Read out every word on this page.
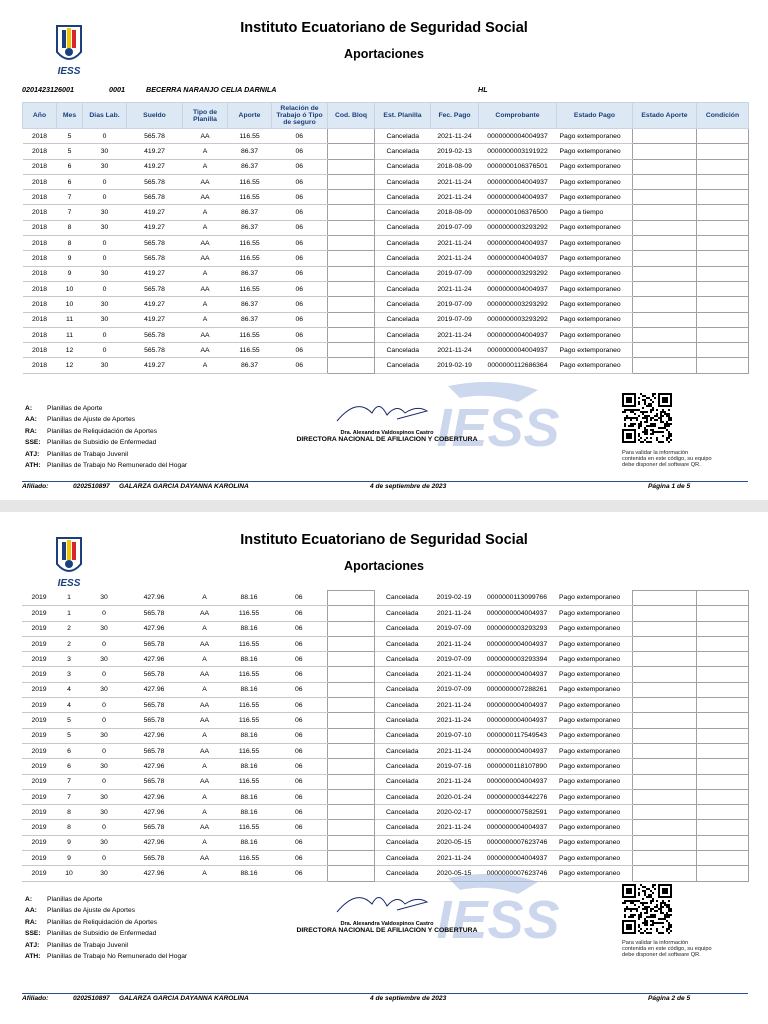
IESS
Instituto Ecuatoriano de Seguridad Social
Aportaciones
0201423126001	0001	BECERRA NARANJO CELIA DARNILA	HL
Año	Mes	Dias Lab.	Sueldo	Tipo de Planilla	Aporte	Relación de Trabajo ó Tipo de seguro	Cod. Bloq	Est. Planilla	Fec. Pago	Comprobante	Estado Pago	Estado Aporte	Condición
2018	5	0	565.78	AA	116.55	06		Cancelada	2021-11-24	0000000004004937	Pago extemporaneo		
2018	5	30	419.27	A	86.37	06		Cancelada	2019-02-13	0000000003191922	Pago extemporaneo		
2018	6	30	419.27	A	86.37	06		Cancelada	2018-08-09	0000000106376501	Pago extemporaneo		
2018	6	0	565.78	AA	116.55	06		Cancelada	2021-11-24	0000000004004937	Pago extemporaneo		
2018	7	0	565.78	AA	116.55	06		Cancelada	2021-11-24	0000000004004937	Pago extemporaneo		
2018	7	30	419.27	A	86.37	06		Cancelada	2018-08-09	0000000106376500	Pago a tiempo		
2018	8	30	419.27	A	86.37	06		Cancelada	2019-07-09	0000000003293292	Pago extemporaneo		
2018	8	0	565.78	AA	116.55	06		Cancelada	2021-11-24	0000000004004937	Pago extemporaneo		
2018	9	0	565.78	AA	116.55	06		Cancelada	2021-11-24	0000000004004937	Pago extemporaneo		
2018	9	30	419.27	A	86.37	06		Cancelada	2019-07-09	0000000003293292	Pago extemporaneo		
2018	10	0	565.78	AA	116.55	06		Cancelada	2021-11-24	0000000004004937	Pago extemporaneo		
2018	10	30	419.27	A	86.37	06		Cancelada	2019-07-09	0000000003293292	Pago extemporaneo		
2018	11	30	419.27	A	86.37	06		Cancelada	2019-07-09	0000000003293292	Pago extemporaneo		
2018	11	0	565.78	AA	116.55	06		Cancelada	2021-11-24	0000000004004937	Pago extemporaneo		
2018	12	0	565.78	AA	116.55	06		Cancelada	2021-11-24	0000000004004937	Pago extemporaneo		
2018	12	30	419.27	A	86.37	06		Cancelada	2019-02-19	0000000112686364	Pago extemporaneo		
IESS
A: Planillas de Aporte
AA: Planillas de Ajuste de Aportes
RA: Planillas de Reliquidación de Aportes
SSE: Planillas de Subsidio de Enfermedad
ATJ: Planillas de Trabajo Juvenil
ATH: Planillas de Trabajo No Remunerado del Hogar
Dra. Alexandra Valdospinos Castro
DIRECTORA NACIONAL DE AFILIACION Y COBERTURA
Para validar la información contenida en este código, su equipo debe disponer del software QR.
Afiliado:	0202510897 GALARZA GARCIA DAYANNA KAROLINA	4 de septiembre de 2023	Página 1 de 5
IESS
Instituto Ecuatoriano de Seguridad Social
Aportaciones
2019	1	30	427.96	A	88.16	06		Cancelada	2019-02-19	0000000113099766	Pago extemporaneo		
2019	1	0	565.78	AA	116.55	06		Cancelada	2021-11-24	0000000004004937	Pago extemporaneo		
2019	2	30	427.96	A	88.16	06		Cancelada	2019-07-09	0000000003293293	Pago extemporaneo		
2019	2	0	565.78	AA	116.55	06		Cancelada	2021-11-24	0000000004004937	Pago extemporaneo		
2019	3	30	427.96	A	88.16	06		Cancelada	2019-07-09	0000000003293394	Pago extemporaneo		
2019	3	0	565.78	AA	116.55	06		Cancelada	2021-11-24	0000000004004937	Pago extemporaneo		
2019	4	30	427.96	A	88.16	06		Cancelada	2019-07-09	0000000007288261	Pago extemporaneo		
2019	4	0	565.78	AA	116.55	06		Cancelada	2021-11-24	0000000004004937	Pago extemporaneo		
2019	5	0	565.78	AA	116.55	06		Cancelada	2021-11-24	0000000004004937	Pago extemporaneo		
2019	5	30	427.96	A	88.16	06		Cancelada	2019-07-10	0000000117549543	Pago extemporaneo		
2019	6	0	565.78	AA	116.55	06		Cancelada	2021-11-24	0000000004004937	Pago extemporaneo		
2019	6	30	427.96	A	88.16	06		Cancelada	2019-07-16	0000000118107890	Pago extemporaneo		
2019	7	0	565.78	AA	116.55	06		Cancelada	2021-11-24	0000000004004937	Pago extemporaneo		
2019	7	30	427.96	A	88.16	06		Cancelada	2020-01-24	0000000003442276	Pago extemporaneo		
2019	8	30	427.96	A	88.16	06		Cancelada	2020-02-17	0000000007582591	Pago extemporaneo		
2019	8	0	565.78	AA	116.55	06		Cancelada	2021-11-24	0000000004004937	Pago extemporaneo		
2019	9	30	427.96	A	88.16	06		Cancelada	2020-05-15	0000000007623746	Pago extemporaneo		
2019	9	0	565.78	AA	116.55	06		Cancelada	2021-11-24	0000000004004937	Pago extemporaneo		
2019	10	30	427.96	A	88.16	06		Cancelada	2020-05-15	0000000007623746	Pago extemporaneo		
IESS
A: Planillas de Aporte
AA: Planillas de Ajuste de Aportes
RA: Planillas de Reliquidación de Aportes
SSE: Planillas de Subsidio de Enfermedad
ATJ: Planillas de Trabajo Juvenil
ATH: Planillas de Trabajo No Remunerado del Hogar
Dra. Alexandra Valdospinos Castro
DIRECTORA NACIONAL DE AFILIACION Y COBERTURA
Para validar la información contenida en este código, su equipo debe disponer del software QR.
Afiliado:	0202510897 GALARZA GARCIA DAYANNA KAROLINA	4 de septiembre de 2023	Página 2 de 5
